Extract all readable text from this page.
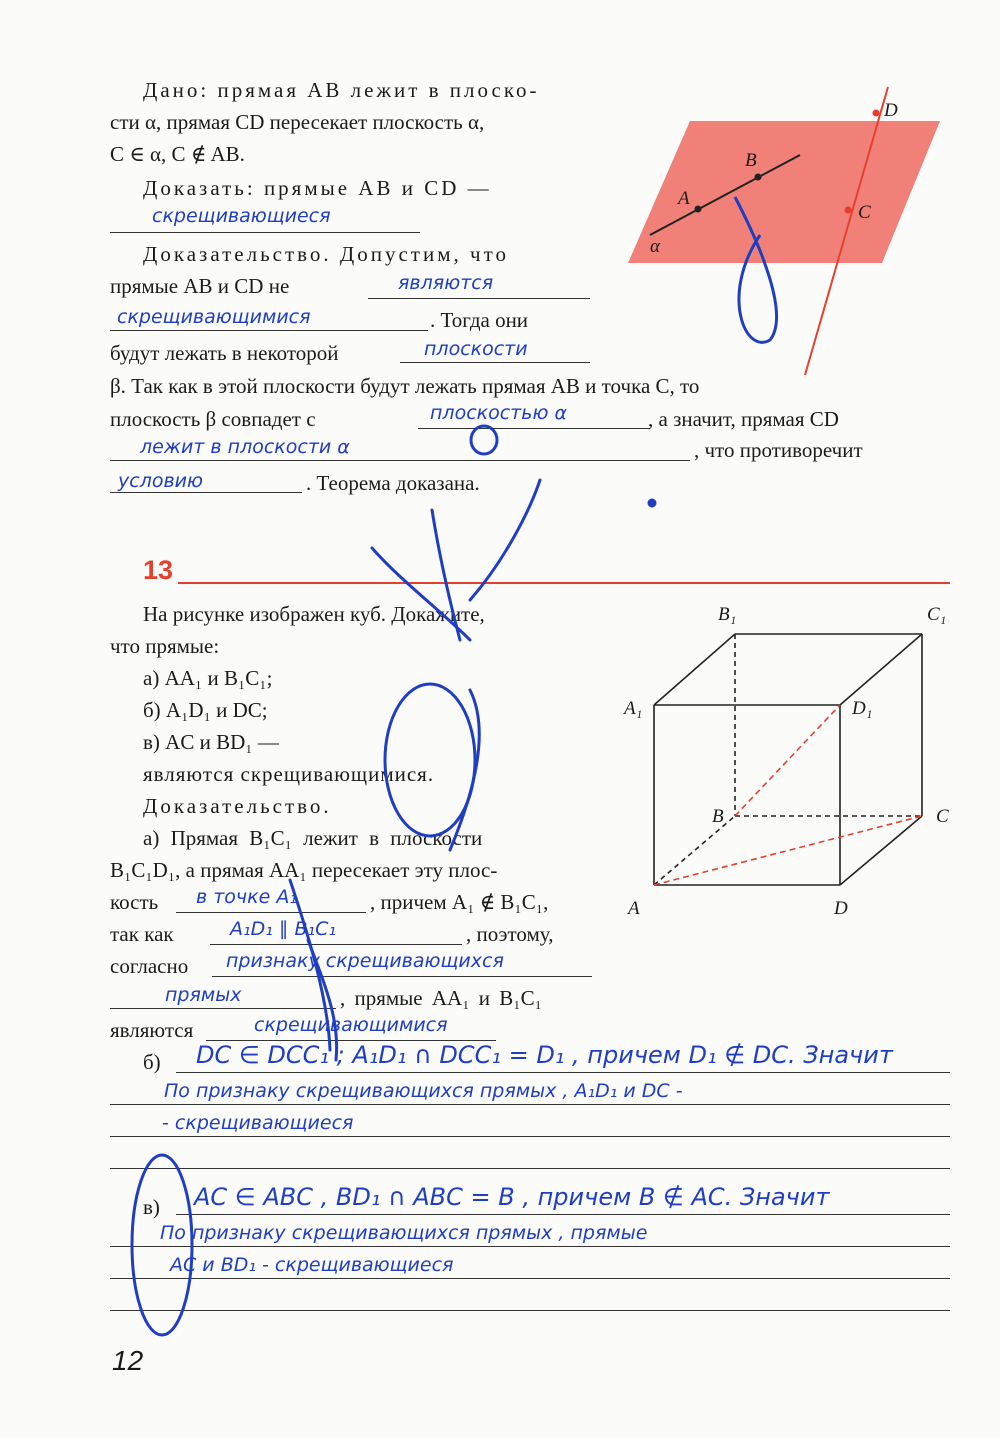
Дано: прямая AB лежит в плоско-
сти α, прямая CD пересекает плоскость α,
C ∈ α, C ∉ AB.
Доказать: прямые AB и CD —
скрещивающиеся
Доказательство. Допустим, что
прямые AB и CD не	являются
скрещивающимися	. Тогда они
будут лежать в некоторой	плоскости
β. Так как в этой плоскости будут лежать прямая AB и точка C, то
плоскость β совпадет с	плоскостью α	, а значит, прямая CD
лежит в плоскости α	, что противоречит
условию	. Теорема доказана.
13
На рисунке изображен куб. Докажите,
что прямые:
а) AA₁ и B₁C₁;
б) A₁D₁ и DC;
в) AC и BD₁ —
являются скрещивающимися.
Доказательство.
а) Прямая B₁C₁ лежит в плоскости
B₁C₁D₁, а прямая AA₁ пересекает эту плос-
кость в точке A₁	, причем A₁ ∉ B₁C₁,
так как	A₁D₁ ∥ B₁C₁	, поэтому,
согласно признаку скрещивающихся
прямых	, прямые AA₁ и B₁C₁
являются	скрещивающимися
б) DC ∈ DCC₁ ; A₁D₁ ∩ DCC₁ = D₁ , причем D₁ ∉ DC. Значит
По признаку скрещивающихся прямых , A₁D₁ и DC -
- скрещивающиеся
в) AC ∈ ABC , BD₁ ∩ ABC = B , причем B ∉ AC. Значит
По признаку скрещивающихся прямых , прямые
AC и BD₁ - скрещивающиеся
12
A
B
C
D
α
B₁	C₁
A₁	D₁
B	C
A	D
